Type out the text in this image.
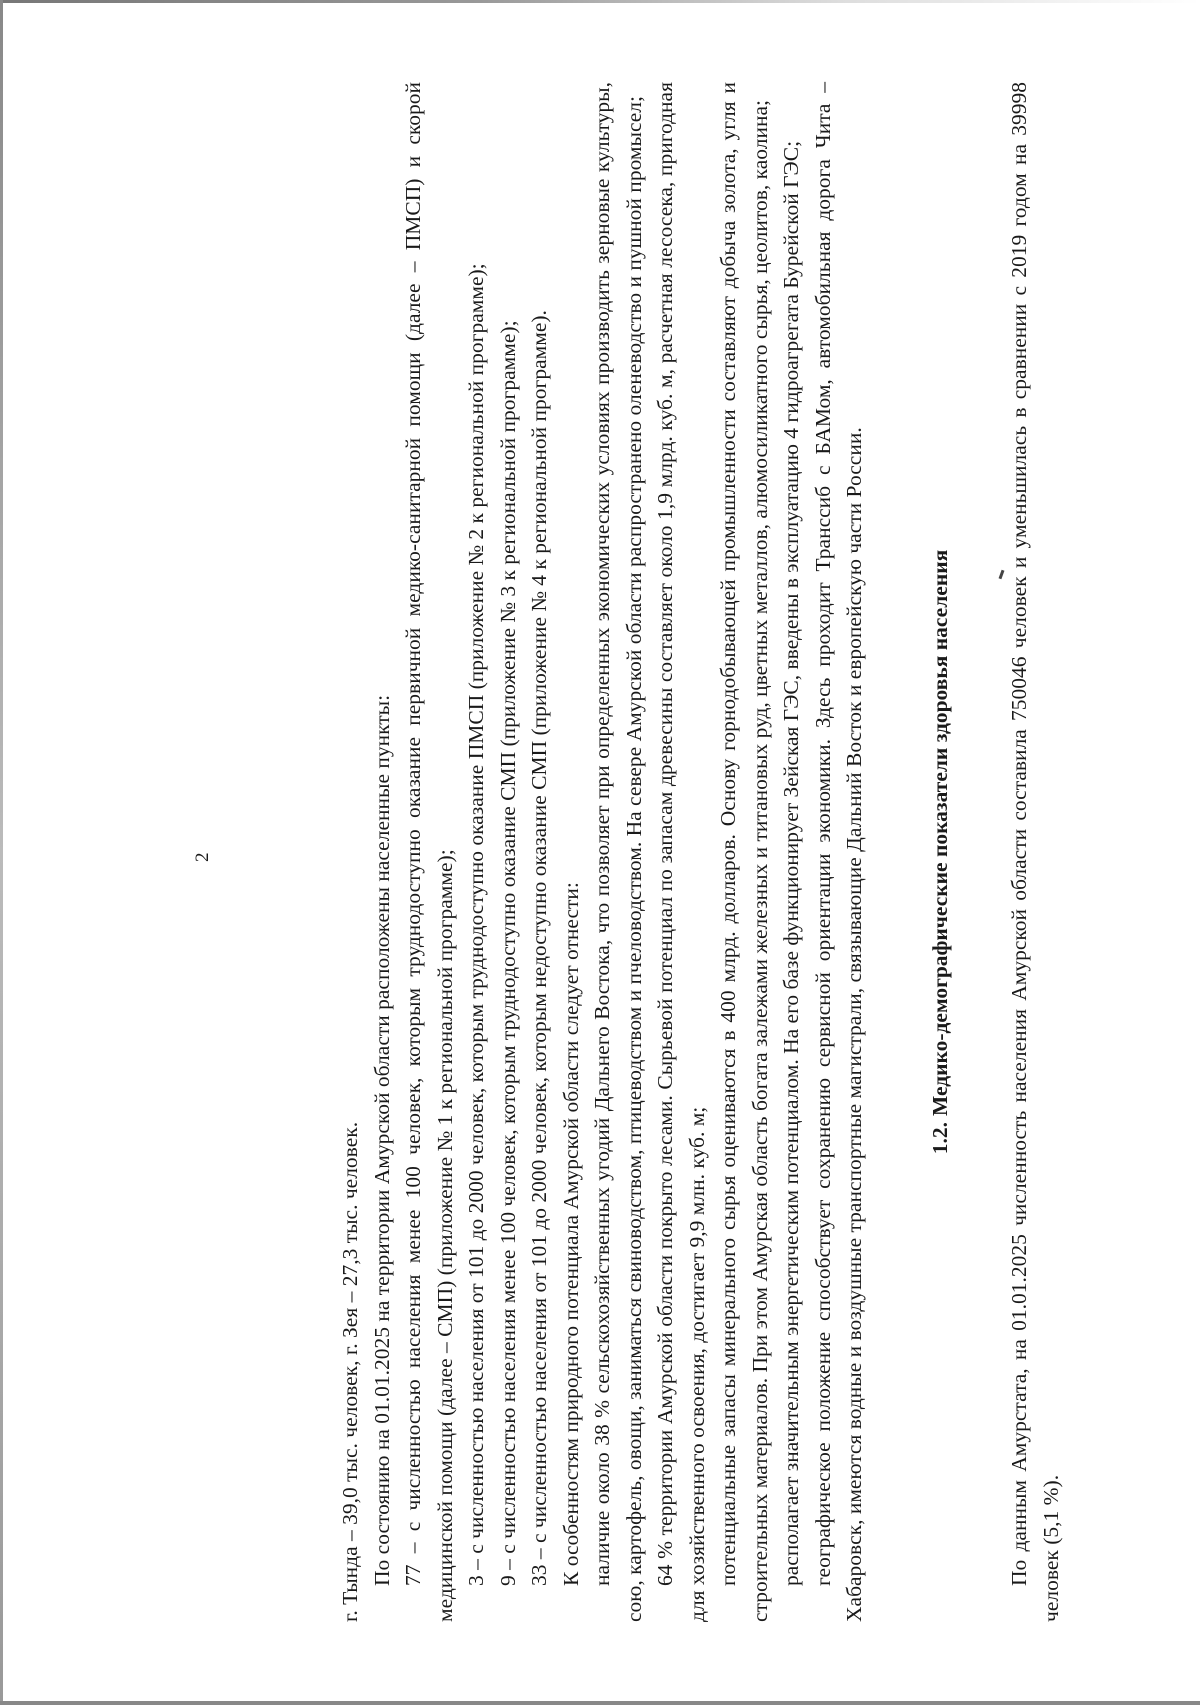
2

г. Тында – 39,0 тыс. человек, г. Зея – 27,3 тыс. человек. По состоянию на 01.01.2025 на территории Амурской области расположены населенные пункты: 77 – с численностью населения менее 100 человек, которым труднодоступно оказание первичной медико-санитарной помощи (далее – ПМСП) и скорой медицинской помощи (далее – СМП) (приложение № 1 к региональной программе); 3 – с численностью населения от 101 до 2000 человек, которым труднодоступно оказание ПМСП (приложение № 2 к региональной программе); 9 – с численностью населения менее 100 человек, которым труднодоступно оказание СМП (приложение № 3 к региональной программе); 33 – с численностью населения от 101 до 2000 человек, которым недоступно оказание СМП (приложение № 4 к региональной программе). К особенностям природного потенциала Амурской области следует отнести: наличие около 38 % сельскохозяйственных угодий Дальнего Востока, что позволяет при определенных экономических условиях производить зерновые культуры, сою, картофель, овощи, заниматься свиноводством, птицеводством и пчеловодством. На севере Амурской области распространено оленеводство и пушной промысел; 64 % территории Амурской области покрыто лесами. Сырьевой потенциал по запасам древесины составляет около 1,9 млрд. куб. м, расчетная лесосека, пригодная для хозяйственного освоения, достигает 9,9 млн. куб. м; потенциальные запасы минерального сырья оцениваются в 400 млрд. долларов. Основу горнодобывающей промышленности составляют добыча золота, угля и строительных материалов. При этом Амурская область богата залежами железных и титановых руд, цветных металлов, алюмосиликатного сырья, цеолитов, каолина; располагает значительным энергетическим потенциалом. На его базе функционирует Зейская ГЭС, введены в эксплуатацию 4 гидроагрегата Бурейской ГЭС; географическое положение способствует сохранению сервисной ориентации экономики. Здесь проходит Транссиб с БАМом, автомобильная дорога Чита – Хабаровск, имеются водные и воздушные транспортные магистрали, связывающие Дальний Восток и европейскую части России.	1.2.Медико-демографические показатели здоровья населения	По данным Амурстата, на 01.01.2025 численность населения Амурской области составила 750046 человек и уменьшилась в сравнении с 2019 годом на 39998 человек (5,1 %).
